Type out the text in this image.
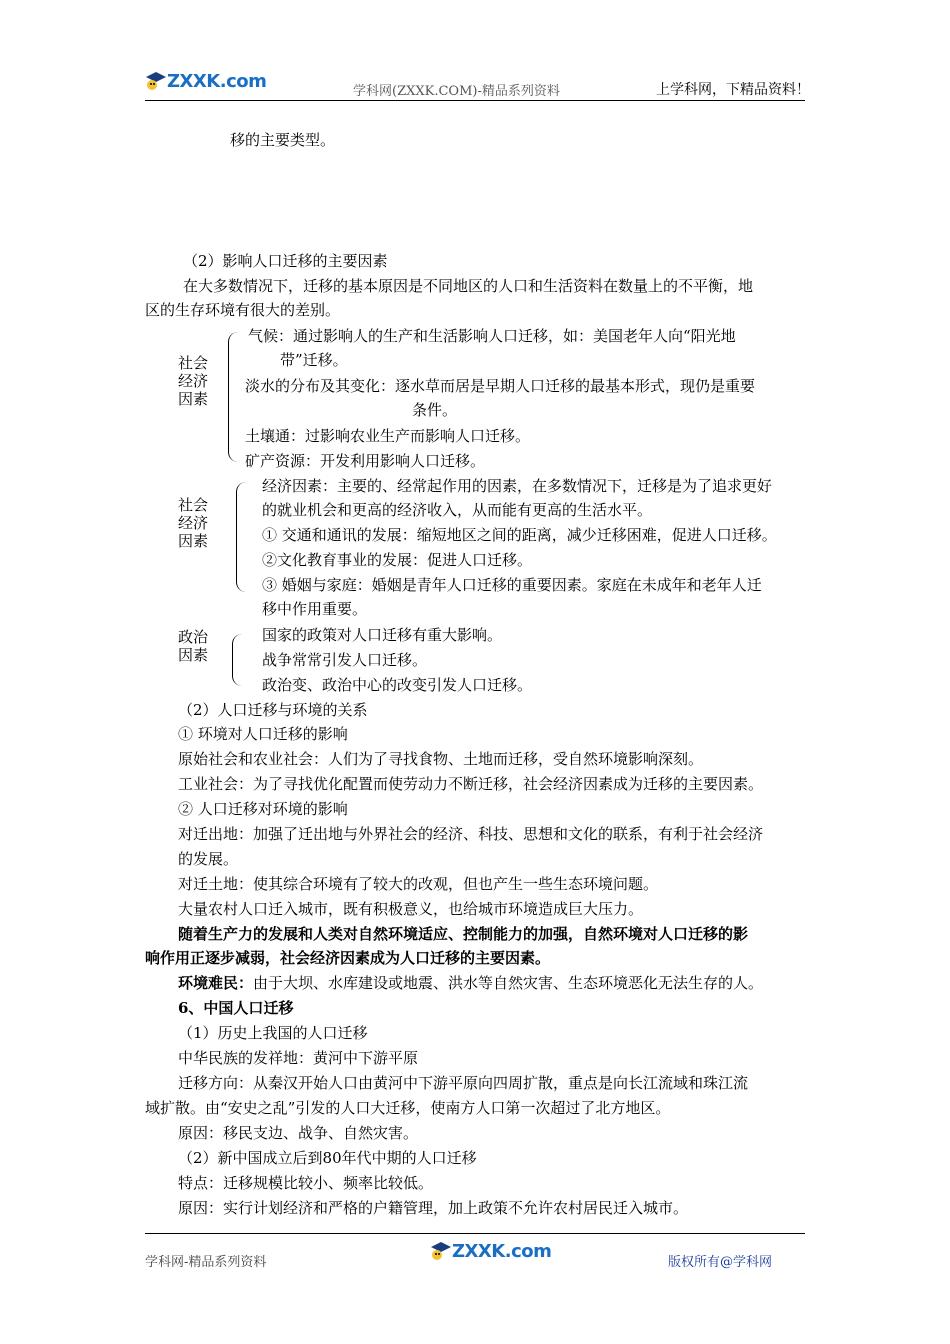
ZXXK.com	学科网(ZXXK.COM)-精品系列资料	上学科网，下精品资料！
移的主要类型。
（2）影响人口迁移的主要因素
在大多数情况下，迁移的基本原因是不同地区的人口和生活资料在数量上的不平衡，地
区的生存环境有很大的差别。
社会经济因素
气候：通过影响人的生产和生活影响人口迁移，如：美国老年人向“阳光地
带”迁移。
淡水的分布及其变化：逐水草而居是早期人口迁移的最基本形式，现仍是重要
条件。
土壤通：过影响农业生产而影响人口迁移。
矿产资源：开发利用影响人口迁移。
社会经济因素
经济因素：主要的、经常起作用的因素，在多数情况下，迁移是为了追求更好
的就业机会和更高的经济收入，从而能有更高的生活水平。
① 交通和通讯的发展：缩短地区之间的距离，减少迁移困难，促进人口迁移。
②文化教育事业的发展：促进人口迁移。
③ 婚姻与家庭：婚姻是青年人口迁移的重要因素。家庭在未成年和老年人迁
移中作用重要。
政治因素
国家的政策对人口迁移有重大影响。
战争常常引发人口迁移。
政治变、政治中心的改变引发人口迁移。
（2）人口迁移与环境的关系
① 环境对人口迁移的影响
原始社会和农业社会：人们为了寻找食物、土地而迁移，受自然环境影响深刻。
工业社会：为了寻找优化配置而使劳动力不断迁移，社会经济因素成为迁移的主要因素。
② 人口迁移对环境的影响
对迁出地：加强了迁出地与外界社会的经济、科技、思想和文化的联系，有利于社会经济
的发展。
对迁土地：使其综合环境有了较大的改观，但也产生一些生态环境问题。
大量农村人口迁入城市，既有积极意义，也给城市环境造成巨大压力。
随着生产力的发展和人类对自然环境适应、控制能力的加强，自然环境对人口迁移的影
响作用正逐步减弱，社会经济因素成为人口迁移的主要因素。
环境难民：由于大坝、水库建设或地震、洪水等自然灾害、生态环境恶化无法生存的人。
6、中国人口迁移
（1）历史上我国的人口迁移
中华民族的发祥地：黄河中下游平原
迁移方向：从秦汉开始人口由黄河中下游平原向四周扩散，重点是向长江流域和珠江流
域扩散。由“安史之乱”引发的人口大迁移，使南方人口第一次超过了北方地区。
原因：移民支边、战争、自然灾害。
（2）新中国成立后到80年代中期的人口迁移
特点：迁移规模比较小、频率比较低。
原因：实行计划经济和严格的户籍管理，加上政策不允许农村居民迁入城市。
学科网-精品系列资料
ZXXK.com
版权所有@学科网
